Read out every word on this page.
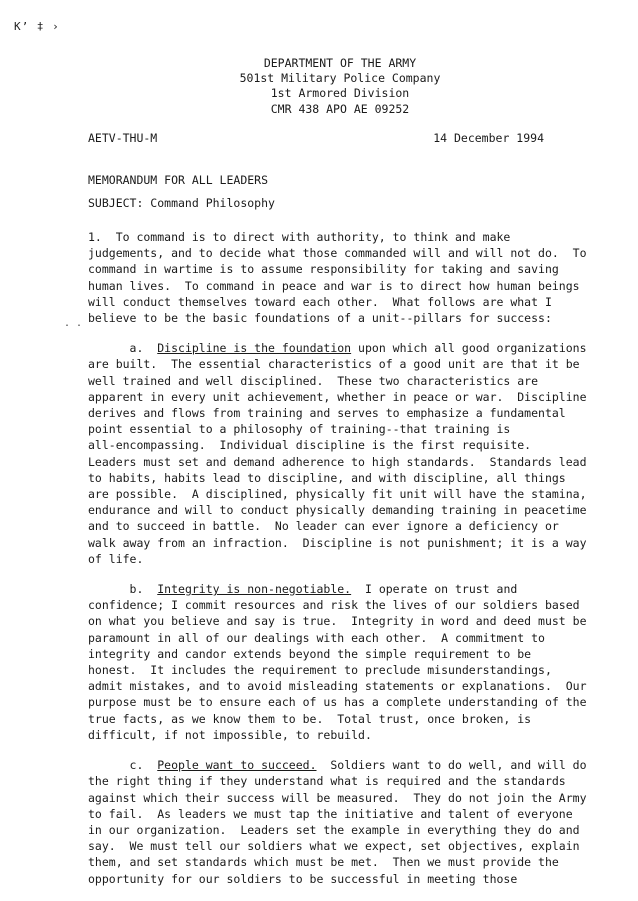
K’ ‡ ›
. .
DEPARTMENT OF THE ARMY
501st Military Police Company
1st Armored Division
CMR 438 APO AE 09252
AETV-THU-M	14 December 1994
MEMORANDUM FOR ALL LEADERS
SUBJECT: Command Philosophy
1.  To command is to direct with authority, to think and make
judgements, and to decide what those commanded will and will not do.  To
command in wartime is to assume responsibility for taking and saving
human lives.  To command in peace and war is to direct how human beings
will conduct themselves toward each other.  What follows are what I
believe to be the basic foundations of a unit--pillars for success:
a.  Discipline is the foundation upon which all good organizations
are built.  The essential characteristics of a good unit are that it be
well trained and well disciplined.  These two characteristics are
apparent in every unit achievement, whether in peace or war.  Discipline
derives and flows from training and serves to emphasize a fundamental
point essential to a philosophy of training--that training is
all-encompassing.  Individual discipline is the first requisite.
Leaders must set and demand adherence to high standards.  Standards lead
to habits, habits lead to discipline, and with discipline, all things
are possible.  A disciplined, physically fit unit will have the stamina,
endurance and will to conduct physically demanding training in peacetime
and to succeed in battle.  No leader can ever ignore a deficiency or
walk away from an infraction.  Discipline is not punishment; it is a way
of life.
b.  Integrity is non-negotiable.  I operate on trust and
confidence; I commit resources and risk the lives of our soldiers based
on what you believe and say is true.  Integrity in word and deed must be
paramount in all of our dealings with each other.  A commitment to
integrity and candor extends beyond the simple requirement to be
honest.  It includes the requirement to preclude misunderstandings,
admit mistakes, and to avoid misleading statements or explanations.  Our
purpose must be to ensure each of us has a complete understanding of the
true facts, as we know them to be.  Total trust, once broken, is
difficult, if not impossible, to rebuild.
c.  People want to succeed.  Soldiers want to do well, and will do
the right thing if they understand what is required and the standards
against which their success will be measured.  They do not join the Army
to fail.  As leaders we must tap the initiative and talent of everyone
in our organization.  Leaders set the example in everything they do and
say.  We must tell our soldiers what we expect, set objectives, explain
them, and set standards which must be met.  Then we must provide the
opportunity for our soldiers to be successful in meeting those
